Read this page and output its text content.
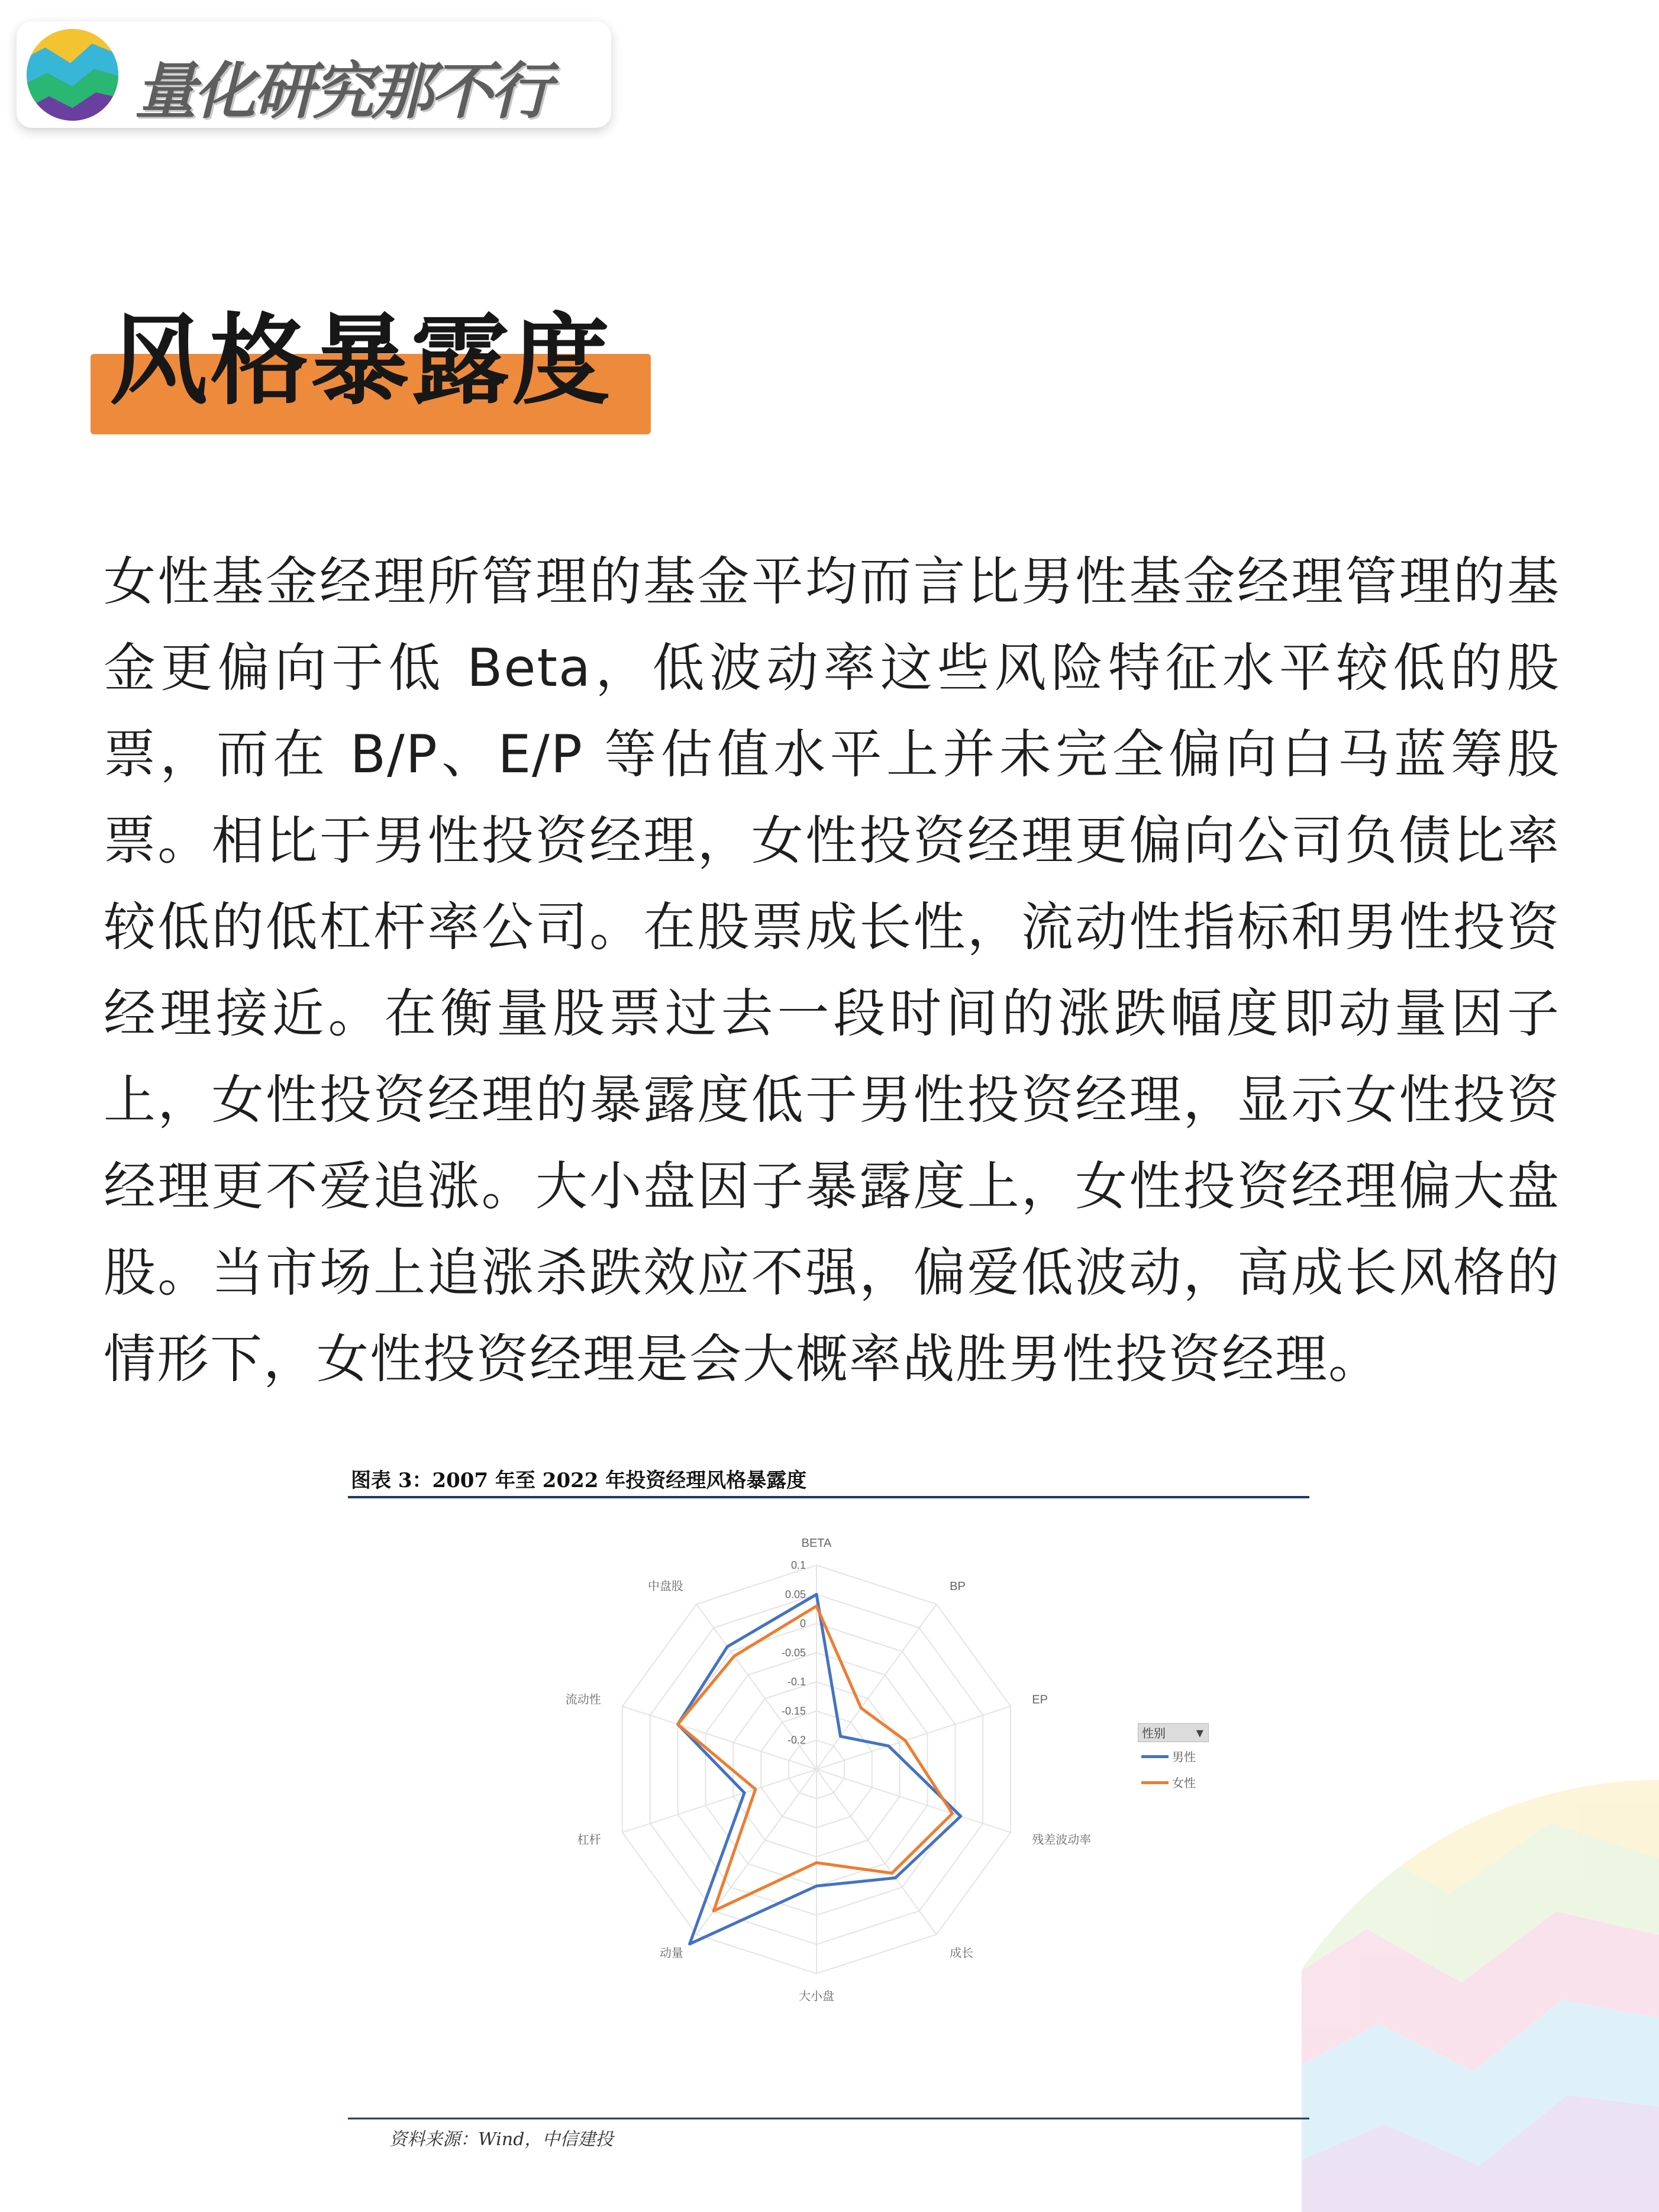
量化研究那不行
风格暴露度

女性基金经理所管理的基金平均而言比男性基金经理管理的基金更偏向于低 Beta，低波动率这些风险特征水平较低的股票，而在 B/P、E/P 等估值水平上并未完全偏向白马蓝筹股票。相比于男性投资经理，女性投资经理更偏向公司负债比率较低的低杠杆率公司。在股票成长性，流动性指标和男性投资经理接近。在衡量股票过去一段时间的涨跌幅度即动量因子上，女性投资经理的暴露度低于男性投资经理，显示女性投资经理更不爱追涨。大小盘因子暴露度上，女性投资经理偏大盘股。当市场上追涨杀跌效应不强，偏爱低波动，高成长风格的情形下，女性投资经理是会大概率战胜男性投资经理。

0.1
0.05
0
-0.05
-0.1
-0.15
-0.2
BETA
BP
EP
残差波动率
成长
大小盘
动量
杠杆
流动性
中盘股
图表 3：2007 年至 2022 年投资经理风格暴露度
性别	▼
男性
女性
资料来源：Wind，中信建投
